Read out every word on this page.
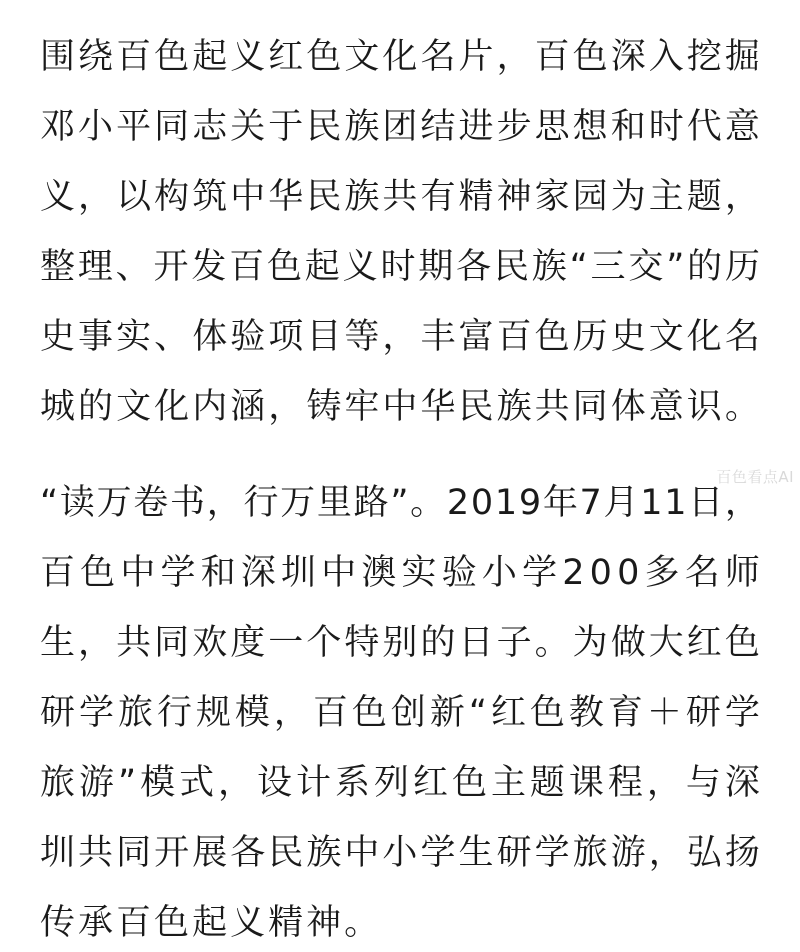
围 绕 百 色 起 义 红 色 文 化 名 片 ， 百 色 深 入 挖 掘
邓 小 平 同 志 关 于 民 族 团 结 进 步 思 想 和 时 代 意
义 ， 以 构 筑 中 华 民 族 共 有 精 神 家 园 为 主 题 ，
整 理 、 开 发 百 色 起 义 时 期 各 民 族 “ 三 交 ” 的 历
史 事 实 、 体 验 项 目 等 ， 丰 富 百 色 历 史 文 化 名
城 的 文 化 内 涵 ， 铸 牢 中 华 民 族 共 同 体 意 识 。
百色看点AI
“ 读 万 卷 书 ， 行 万 里 路 ” 。 2 0 1 9 年 7 月 1 1 日 ，
百 色 中 学 和 深 圳 中 澳 实 验 小 学 2 0 0 多 名 师
生 ， 共 同 欢 度 一 个 特 别 的 日 子 。 为 做 大 红 色
研 学 旅 行 规 模 ， 百 色 创 新 “ 红 色 教 育 ＋ 研 学
旅 游 ” 模 式 ， 设 计 系 列 红 色 主 题 课 程 ， 与 深
圳 共 同 开 展 各 民 族 中 小 学 生 研 学 旅 游 ， 弘 扬
传 承 百 色 起 义 精 神 。
